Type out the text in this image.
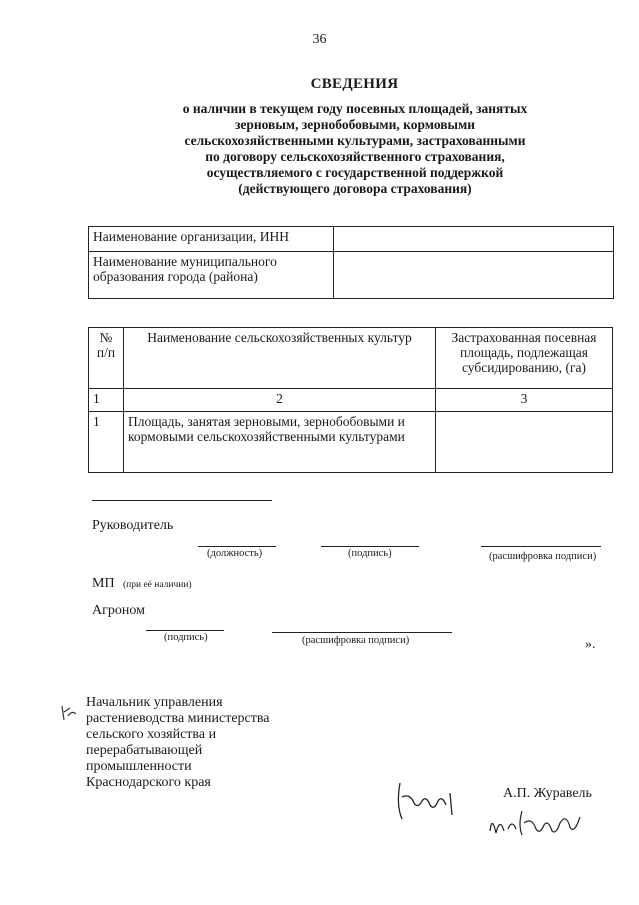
36
СВЕДЕНИЯ
о наличии в текущем году посевных площадей, занятых
зерновым, зернобобовыми, кормовыми
сельскохозяйственными культурами, застрахованными
по договору сельскохозяйственного страхования,
осуществляемого с государственной поддержкой
(действующего договора страхования)
Наименование организации, ИНН	
Наименование муниципального образования города (района)	
№ п/п	Наименование сельскохозяйственных культур	Застрахованная посевная площадь, подлежащая субсидированию, (га)
1	2	3
1	Площадь, занятая зерновыми, зернобобовыми и кормовыми сельскохозяйственными культурами	
Руководитель
(должность)	(подпись)	(расшифровка подписи)
МП (при её наличии)
Агроном
(подпись)	(расшифровка подписи)	».
Начальник управления
растениеводства министерства
сельского хозяйства и
перерабатывающей
промышленности
Краснодарского края
А.П. Журавель
